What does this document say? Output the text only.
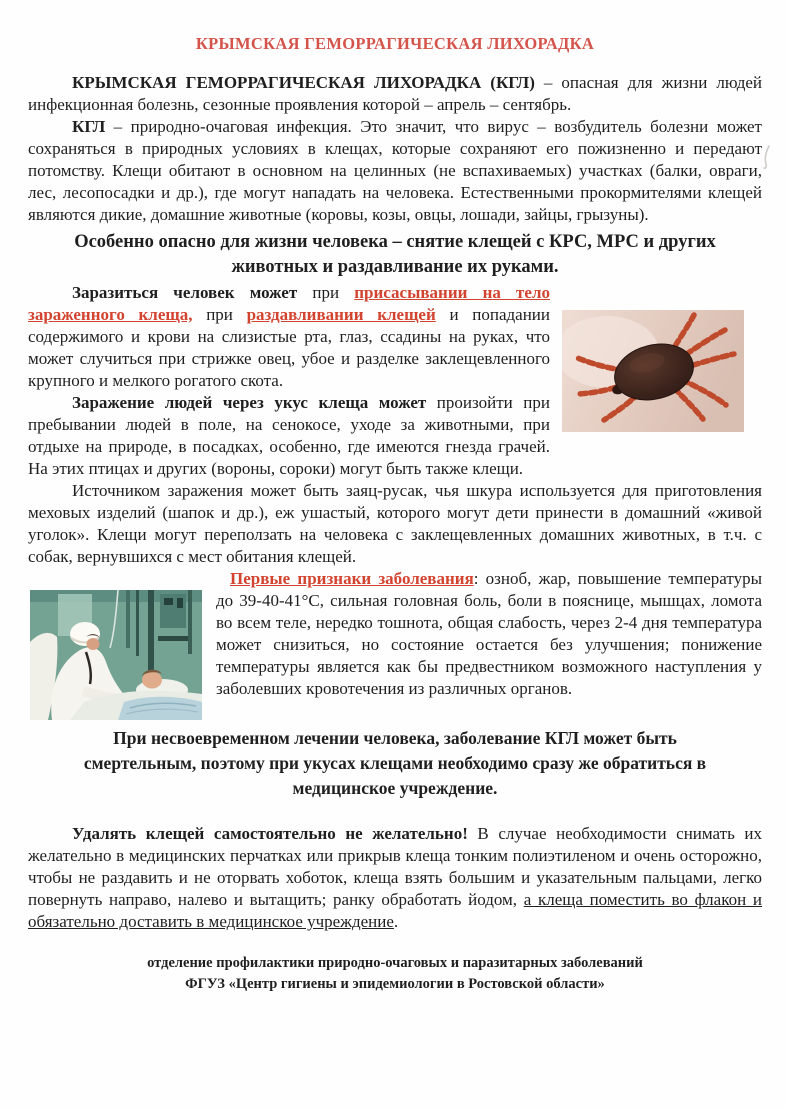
КРЫМСКАЯ ГЕМОРРАГИЧЕСКАЯ ЛИХОРАДКА

КРЫМСКАЯ ГЕМОРРАГИЧЕСКАЯ ЛИХОРАДКА (КГЛ) – опасная для жизни людей инфекционная болезнь, сезонные проявления которой – апрель – сентябрь.

КГЛ – природно-очаговая инфекция. Это значит, что вирус – возбудитель болезни может сохраняться в природных условиях в клещах, которые сохраняют его пожизненно и передают потомству. Клещи обитают в основном на целинных (не вспахиваемых) участках (балки, овраги, лес, лесопосадки и др.), где могут нападать на человека. Естественными прокормителями клещей являются дикие, домашние животные (коровы, козы, овцы, лошади, зайцы, грызуны).

Особенно опасно для жизни человека – снятие клещей с КРС, МРС и других животных и раздавливание их руками.

Заразиться человек может при присасывании на тело зараженного клеща, при раздавливании клещей и попадании содержимого и крови на слизистые рта, глаз, ссадины на руках, что может случиться при стрижке овец, убое и разделке заклещевленного крупного и мелкого рогатого скота.

Заражение людей через укус клеща может произойти при пребывании людей в поле, на сенокосе, уходе за животными, при отдыхе на природе, в посадках, особенно, где имеются гнезда грачей. На этих птицах и других (вороны, сороки) могут быть также клещи.

Источником заражения может быть заяц-русак, чья шкура используется для приготовления меховых изделий (шапок и др.), еж ушастый, которого могут дети принести в домашний «живой уголок». Клещи могут переползать на человека с заклещевленных домашних животных, в т.ч. с собак, вернувшихся с мест обитания клещей.

Первые признаки заболевания: озноб, жар, повышение температуры до 39-40-41°С, сильная головная боль, боли в пояснице, мышцах, ломота во всем теле, нередко тошнота, общая слабость, через 2-4 дня температура может снизиться, но состояние остается без улучшения; понижение температуры является как бы предвестником возможного наступления у заболевших кровотечения из различных органов.

При несвоевременном лечении человека, заболевание КГЛ может быть смертельным, поэтому при укусах клещами необходимо сразу же обратиться в медицинское учреждение.

Удалять клещей самостоятельно не желательно! В случае необходимости снимать их желательно в медицинских перчатках или прикрыв клеща тонким полиэтиленом и очень осторожно, чтобы не раздавить и не оторвать хоботок, клеща взять большим и указательным пальцами, легко повернуть направо, налево и вытащить; ранку обработать йодом, а клеща поместить во флакон и обязательно доставить в медицинское учреждение.

отделение профилактики природно-очаговых и паразитарных заболеваний
ФГУЗ «Центр гигиены и эпидемиологии в Ростовской области»
